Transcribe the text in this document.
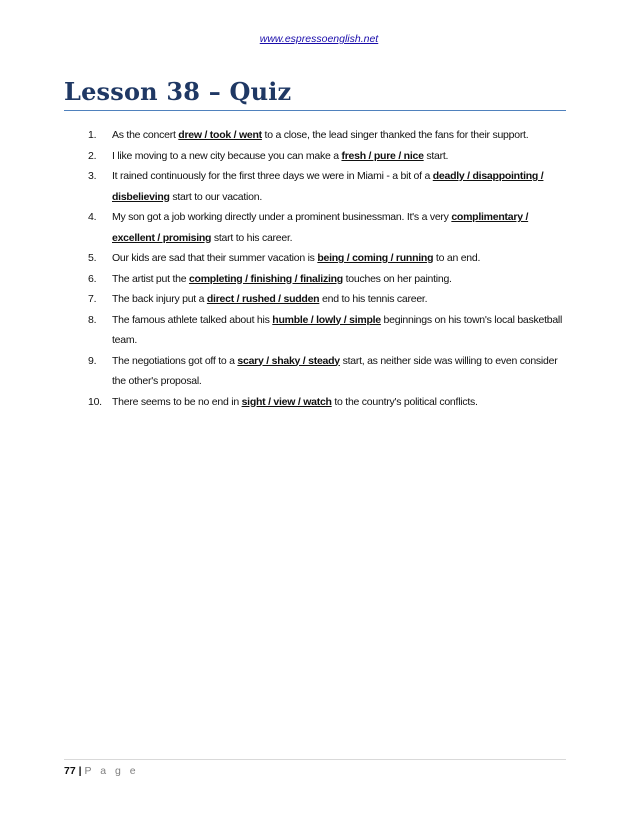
www.espressoenglish.net
Lesson 38 – Quiz
1.	As the concert drew / took / went to a close, the lead singer thanked the fans for their support.
2.	I like moving to a new city because you can make a fresh / pure / nice start.
3.	It rained continuously for the first three days we were in Miami - a bit of a deadly / disappointing / disbelieving start to our vacation.
4.	My son got a job working directly under a prominent businessman. It's a very complimentary / excellent / promising start to his career.
5.	Our kids are sad that their summer vacation is being / coming / running to an end.
6.	The artist put the completing / finishing / finalizing touches on her painting.
7.	The back injury put a direct / rushed / sudden end to his tennis career.
8.	The famous athlete talked about his humble / lowly / simple beginnings on his town's local basketball team.
9.	The negotiations got off to a scary / shaky / steady start, as neither side was willing to even consider the other's proposal.
10. There seems to be no end in sight / view / watch to the country's political conflicts.
77 | P a g e
